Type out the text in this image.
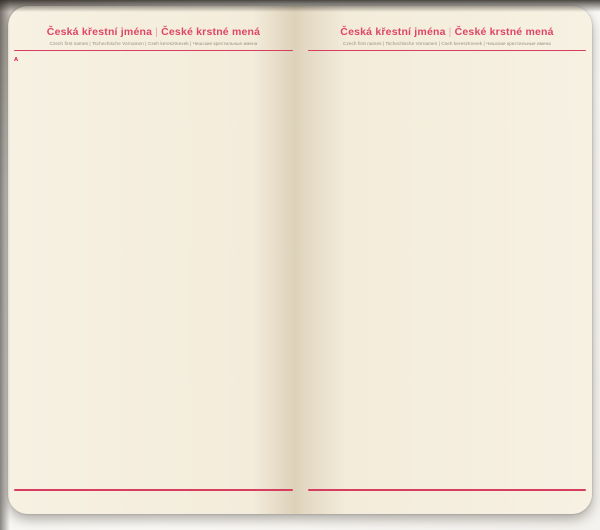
Česká křestní jména | České krstné mená
Czech first names | Tschechische Vornamen | Cseh keresztnevek | Чешские крестильные имена
A
Česká křestní jména | České krstné mená
Czech first names | Tschechische Vornamen | Cseh keresztnevek | Чешские крестильные имена
